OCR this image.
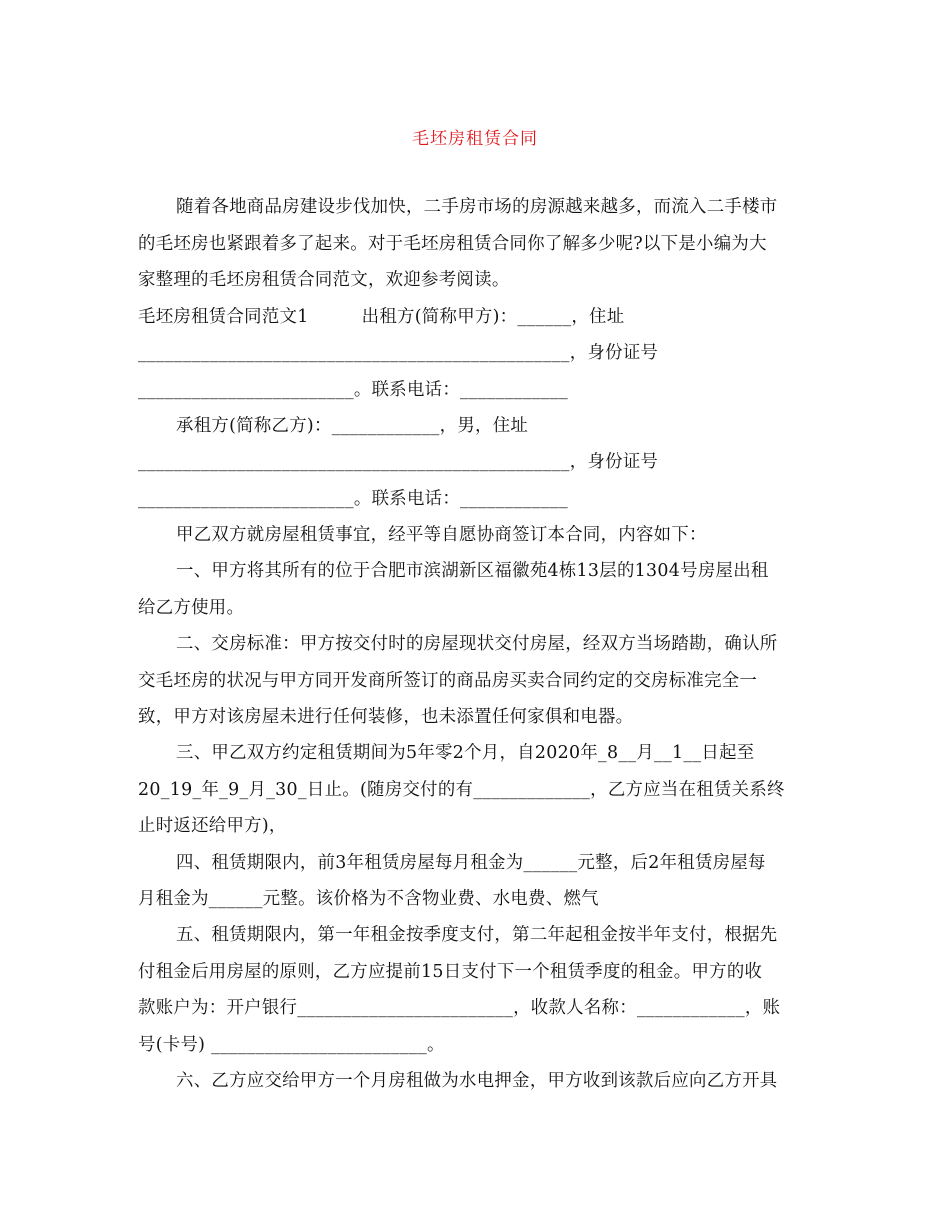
毛坯房租赁合同
随着各地商品房建设步伐加快，二手房市场的房源越来越多，而流入二手楼市
的毛坯房也紧跟着多了起来。对于毛坯房租赁合同你了解多少呢?以下是小编为大
家整理的毛坯房租赁合同范文，欢迎参考阅读。
毛坯房租赁合同范文1　　　出租方(简称甲方)：______，住址
________________________________________________，身份证号
________________________。联系电话：____________
承租方(简称乙方)：____________，男，住址
________________________________________________，身份证号
________________________。联系电话：____________
甲乙双方就房屋租赁事宜，经平等自愿协商签订本合同，内容如下：
一、甲方将其所有的位于合肥市滨湖新区福徽苑4栋13层的1304号房屋出租
给乙方使用。
二、交房标准：甲方按交付时的房屋现状交付房屋，经双方当场踏勘，确认所
交毛坯房的状况与甲方同开发商所签订的商品房买卖合同约定的交房标准完全一
致，甲方对该房屋未进行任何装修，也未添置任何家俱和电器。
三、甲乙双方约定租赁期间为5年零2个月，自2020年_8__月__1__日起至
20_19_年_9_月_30_日止。(随房交付的有_____________，乙方应当在租赁关系终
止时返还给甲方)，
四、租赁期限内，前3年租赁房屋每月租金为______元整，后2年租赁房屋每
月租金为______元整。该价格为不含物业费、水电费、燃气
五、租赁期限内，第一年租金按季度支付，第二年起租金按半年支付，根据先
付租金后用房屋的原则，乙方应提前15日支付下一个租赁季度的租金。甲方的收
款账户为：开户银行________________________，收款人名称：____________，账
号(卡号) ________________________。
六、乙方应交给甲方一个月房租做为水电押金，甲方收到该款后应向乙方开具
